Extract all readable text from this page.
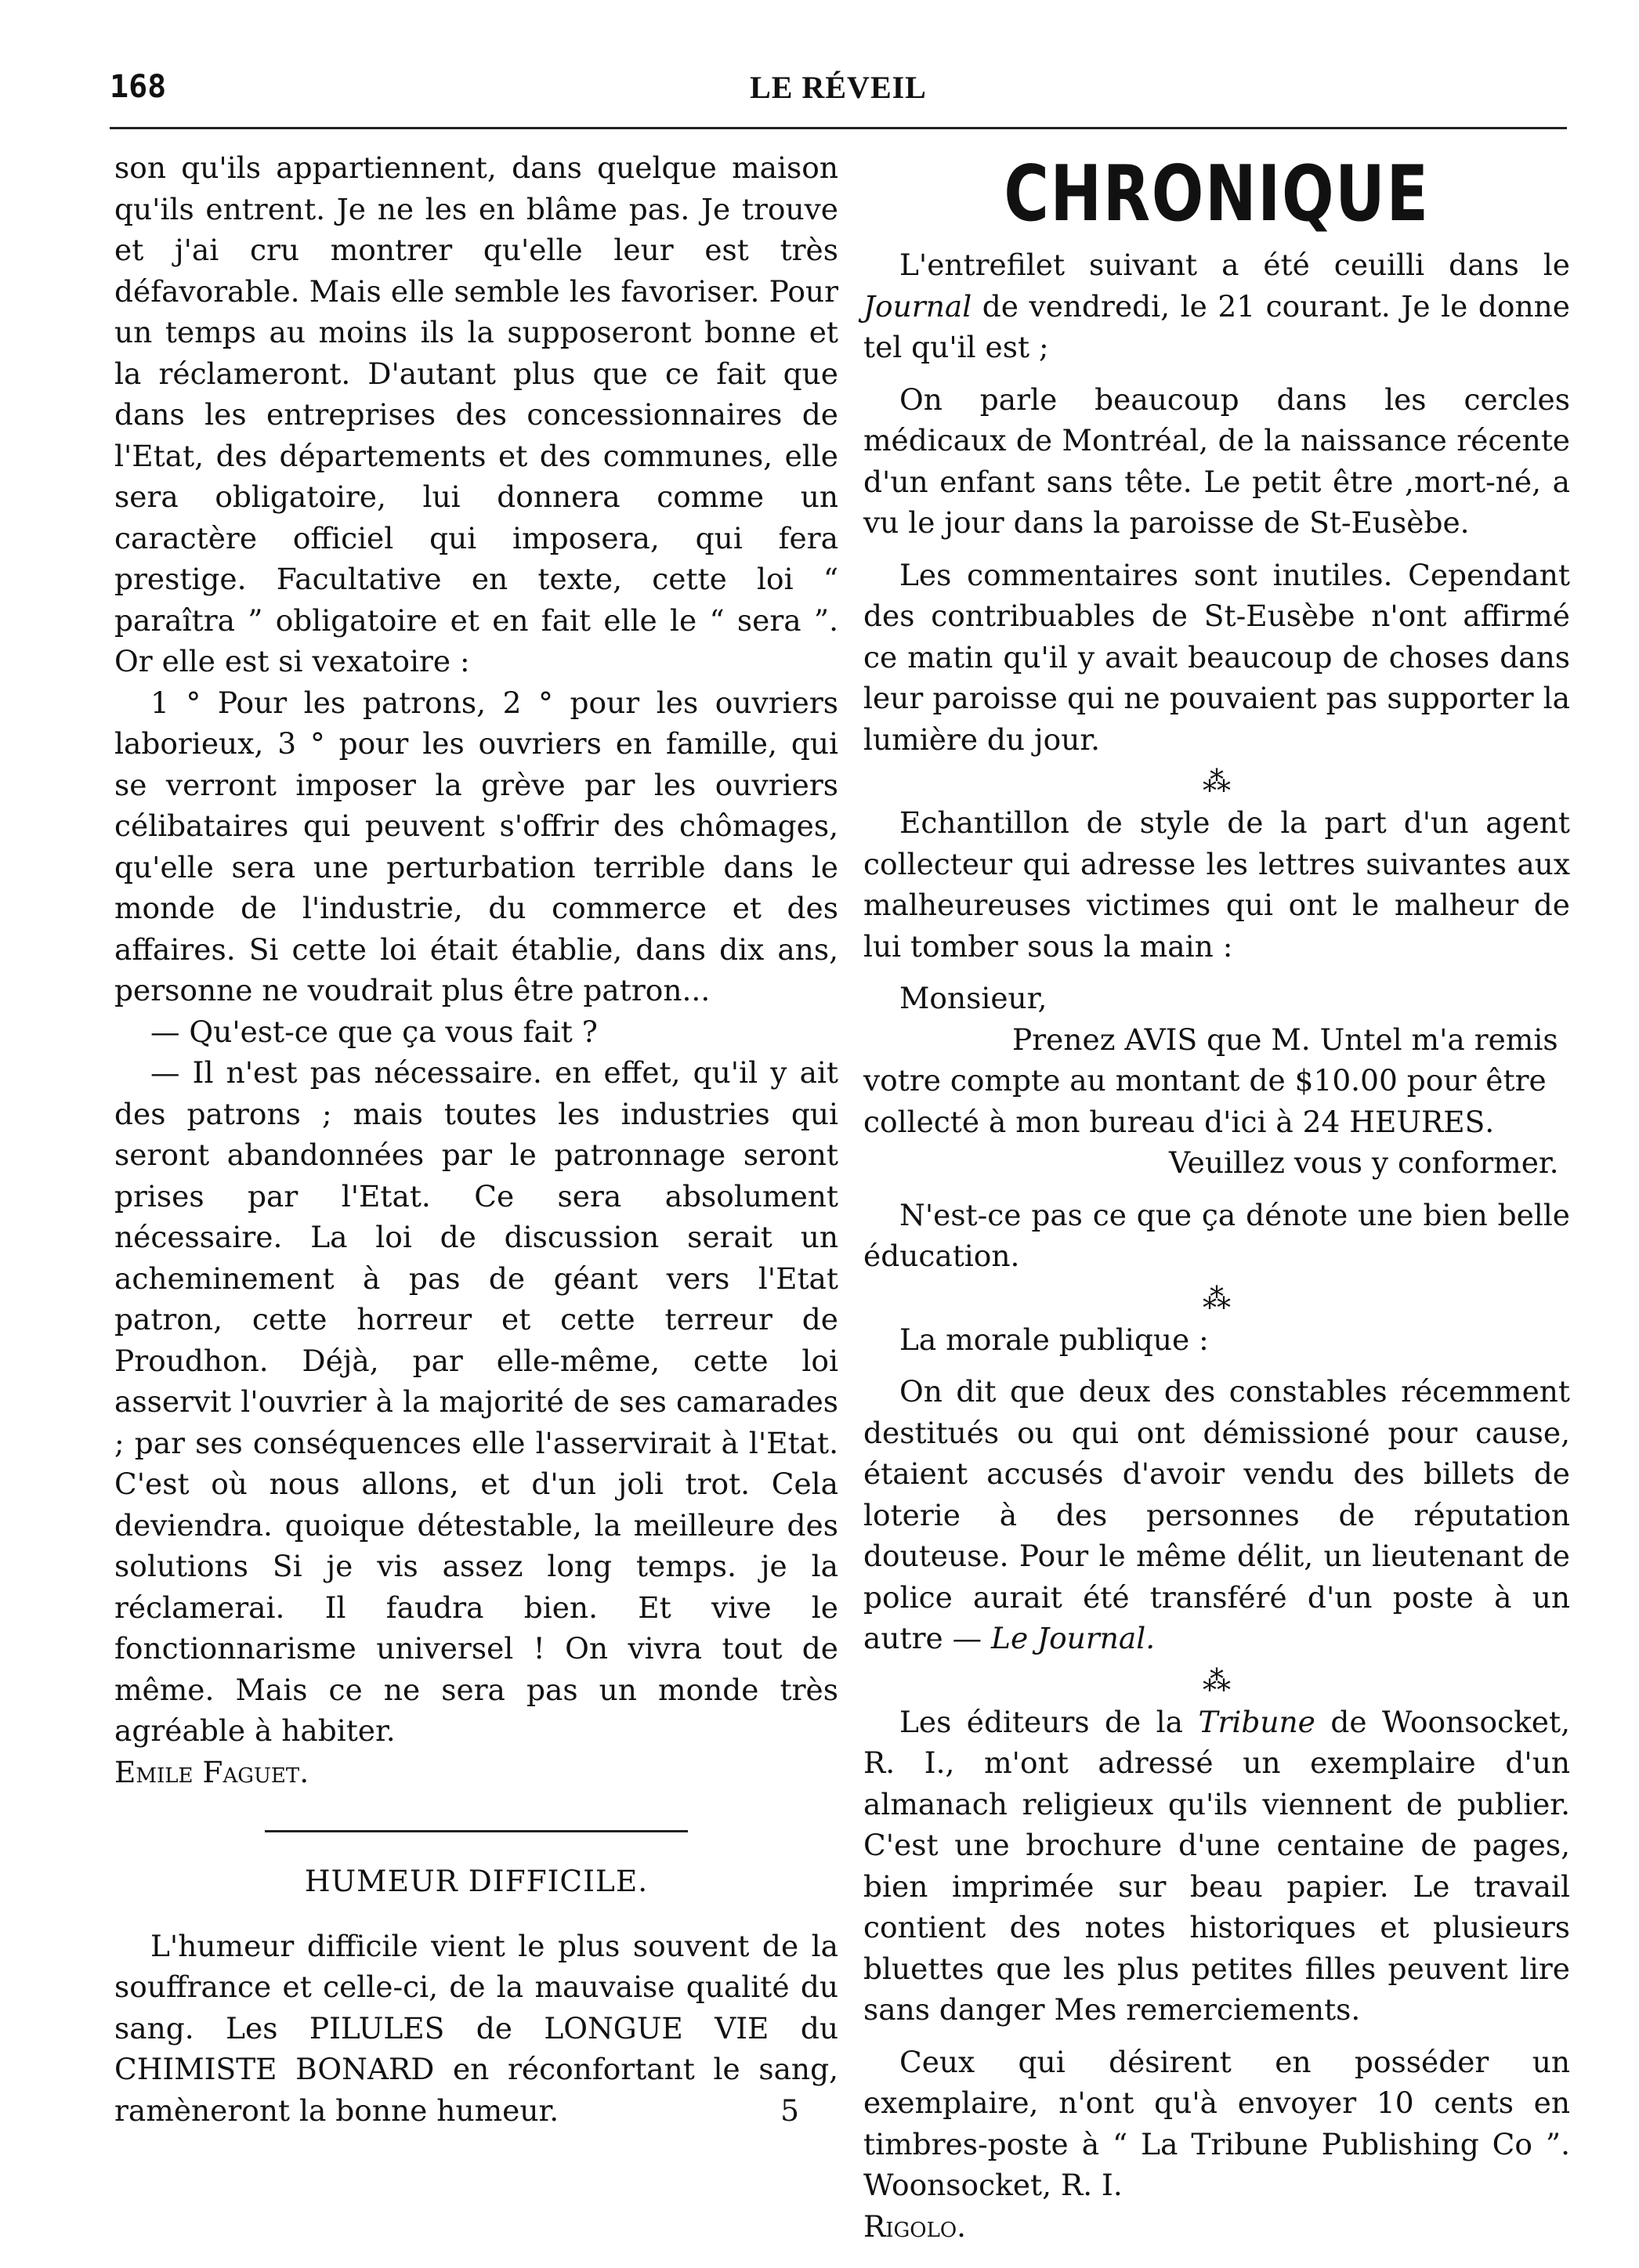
168	LE RÉVEIL

son qu'ils appartiennent, dans quelque maison qu'ils entrent. Je ne les en blâme pas. Je trouve et j'ai cru montrer qu'elle leur est très défavorable. Mais elle semble les favoriser. Pour un temps au moins ils la supposeront bonne et la réclameront. D'autant plus que ce fait que dans les entreprises des concessionnaires de l'Etat, des départements et des communes, elle sera obligatoire, lui donnera comme un caractère officiel qui imposera, qui fera prestige. Facultative en texte, cette loi “ paraîtra ” obligatoire et en fait elle le “ sera ”. Or elle est si vexatoire :

1 ° Pour les patrons, 2 ° pour les ouvriers laborieux, 3 ° pour les ouvriers en famille, qui se verront imposer la grève par les ouvriers célibataires qui peuvent s'offrir des chômages, qu'elle sera une perturbation terrible dans le monde de l'industrie, du commerce et des affaires. Si cette loi était établie, dans dix ans, personne ne voudrait plus être patron...

— Qu'est-ce que ça vous fait ?

— Il n'est pas nécessaire. en effet, qu'il y ait des patrons ; mais toutes les industries qui seront abandonnées par le patronnage seront prises par l'Etat. Ce sera absolument nécessaire. La loi de discussion serait un acheminement à pas de géant vers l'Etat patron, cette horreur et cette terreur de Proudhon. Déjà, par elle-même, cette loi asservit l'ouvrier à la majorité de ses camarades ; par ses conséquences elle l'asservirait à l'Etat. C'est où nous allons, et d'un joli trot. Cela deviendra. quoique détestable, la meilleure des solutions Si je vis assez long temps. je la réclamerai. Il faudra bien. Et vive le fonctionnarisme universel ! On vivra tout de même. Mais ce ne sera pas un monde très agréable à habiter.

Emile Faguet.

HUMEUR DIFFICILE.

L'humeur difficile vient le plus souvent de la souffrance et celle-ci, de la mauvaise qualité du sang. Les PILULES de LONGUE VIE du CHIMISTE BONARD en réconfortant le sang, ramèneront la bonne humeur.	5

CHRONIQUE

L'entrefilet suivant a été ceuilli dans le Journal de vendredi, le 21 courant. Je le donne tel qu'il est ;

On parle beaucoup dans les cercles médicaux de Montréal, de la naissance récente d'un enfant sans tête. Le petit être ,mort-né, a vu le jour dans la paroisse de St-Eusèbe.

Les commentaires sont inutiles. Cependant des contribuables de St-Eusèbe n'ont affirmé ce matin qu'il y avait beaucoup de choses dans leur paroisse qui ne pouvaient pas supporter la lumière du jour.

⁂

Echantillon de style de la part d'un agent collecteur qui adresse les lettres suivantes aux malheureuses victimes qui ont le malheur de lui tomber sous la main :

Monsieur,

Prenez AVIS que M. Untel m'a remis

votre compte au montant de $10.00 pour être

collecté à mon bureau d'ici à 24 HEURES.

Veuillez vous y conformer.

N'est-ce pas ce que ça dénote une bien belle éducation.

⁂

La morale publique :

On dit que deux des constables récemment destitués ou qui ont démissioné pour cause, étaient accusés d'avoir vendu des billets de loterie à des personnes de réputation douteuse. Pour le même délit, un lieutenant de police aurait été transféré d'un poste à un autre — Le Journal.

⁂

Les éditeurs de la Tribune de Woonsocket, R. I., m'ont adressé un exemplaire d'un almanach religieux qu'ils viennent de publier. C'est une brochure d'une centaine de pages, bien imprimée sur beau papier. Le travail contient des notes historiques et plusieurs bluettes que les plus petites filles peuvent lire sans danger Mes remerciements.

Ceux qui désirent en posséder un exemplaire, n'ont qu'à envoyer 10 cents en timbres-poste à “ La Tribune Publishing Co ”. Woonsocket, R. I.

Rigolo.
